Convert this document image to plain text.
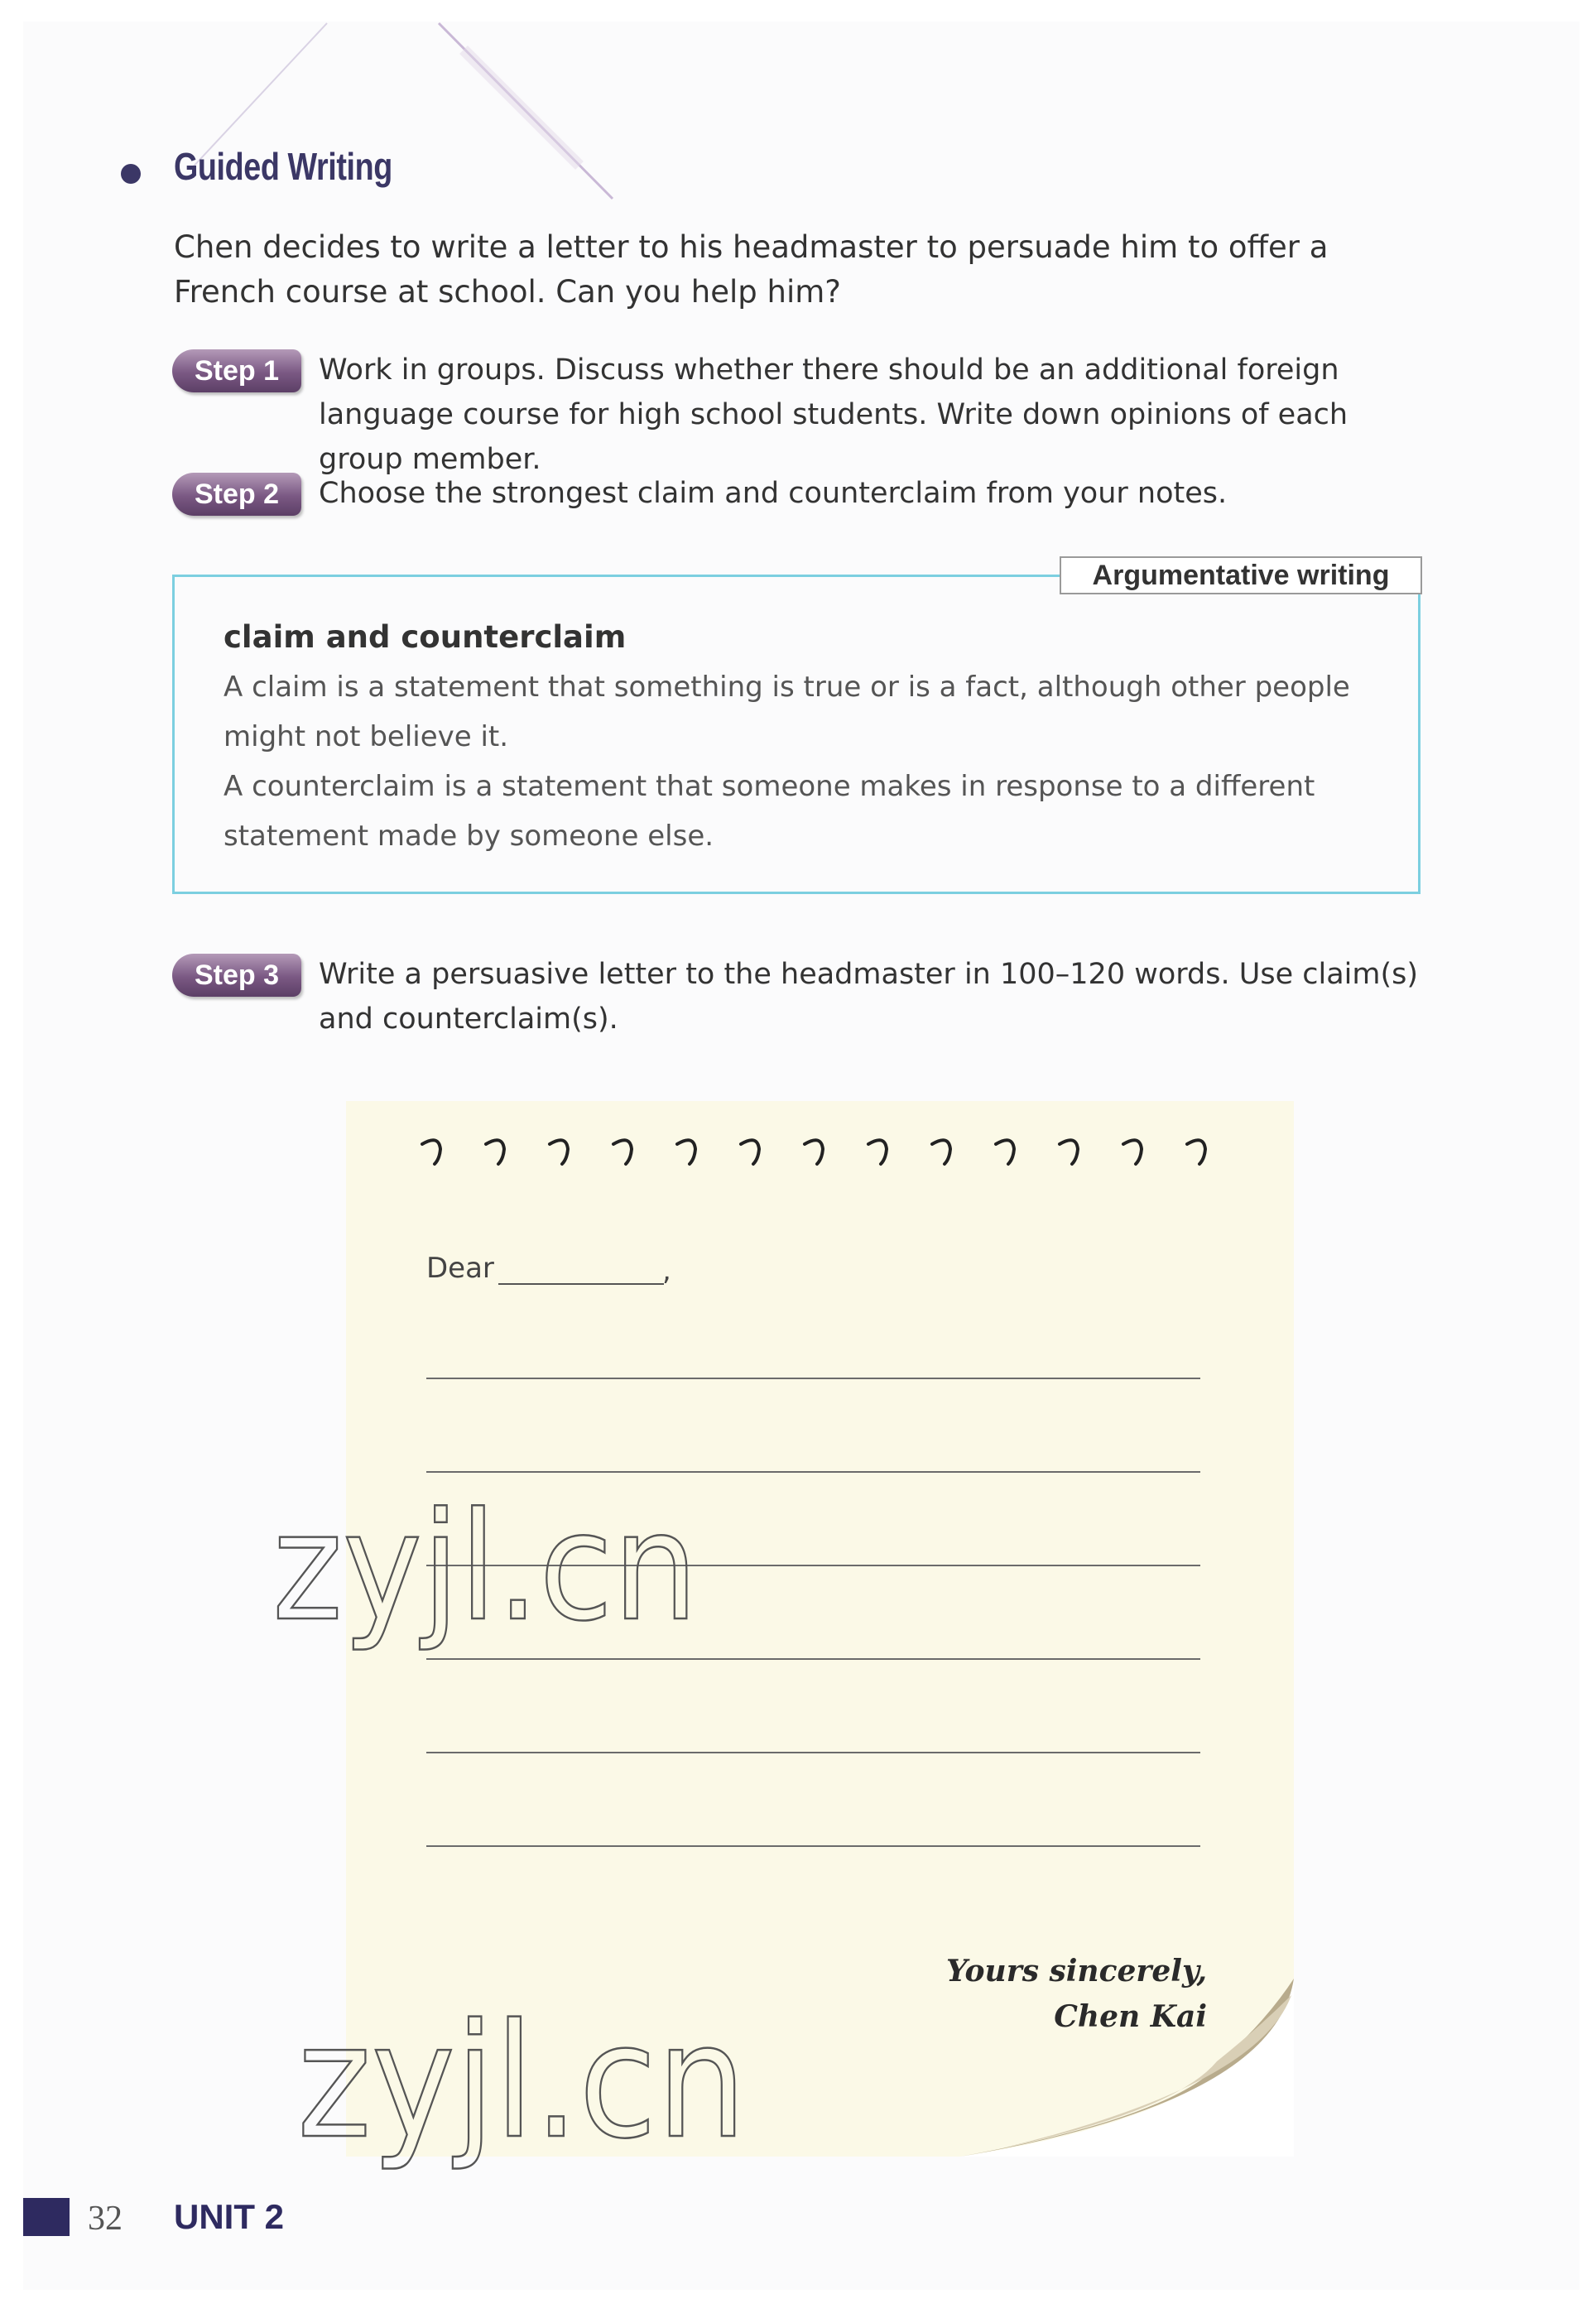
Guided Writing
Chen decides to write a letter to his headmaster to persuade him to offer a French course at school. Can you help him?
Step 1	Work in groups. Discuss whether there should be an additional foreign language course for high school students. Write down opinions of each group member.
Step 2	Choose the strongest claim and counterclaim from your notes.
Argumentative writing
claim and counterclaim
A claim is a statement that something is true or is a fact, although other people might not believe it.
A counterclaim is a statement that someone makes in response to a different statement made by someone else.
Step 3	Write a persuasive letter to the headmaster in 100–120 words. Use claim(s) and counterclaim(s).
Dear	,
Yours sincerely,
Chen Kai
zyjl.cn
zyjl.cn
32 UNIT 2
